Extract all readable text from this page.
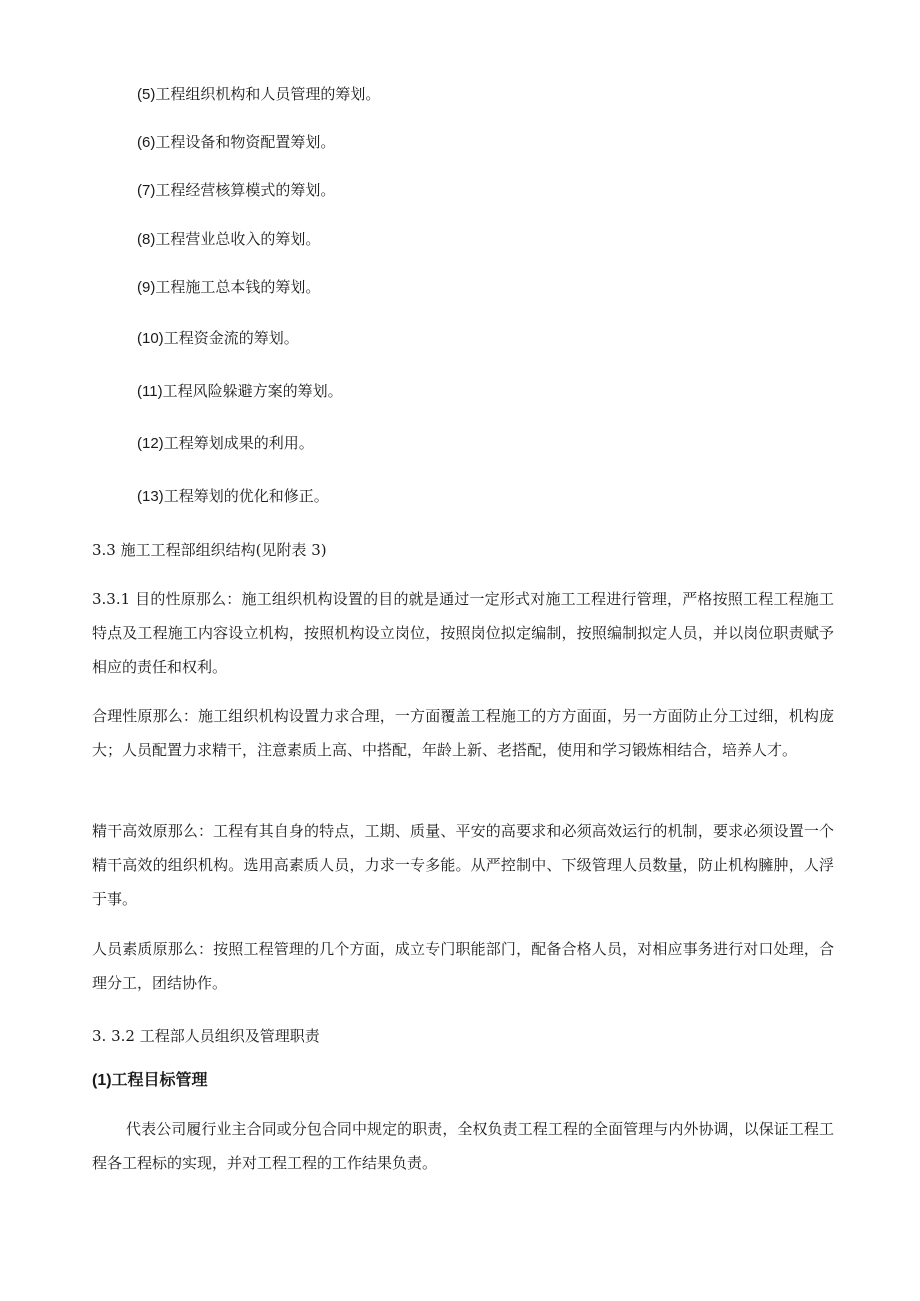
(5)工程组织机构和人员管理的筹划。
(6)工程设备和物资配置筹划。
(7)工程经营核算模式的筹划。
(8)工程营业总收入的筹划。
(9)工程施工总本钱的筹划。
(10)工程资金流的筹划。
(11)工程风险躲避方案的筹划。
(12)工程筹划成果的利用。
(13)工程筹划的优化和修正。
3.3 施工工程部组织结构(见附表 3)
3.3.1 目的性原那么：施工组织机构设置的目的就是通过一定形式对施工工程进行管理，严格按照工程工程施工特点及工程施工内容设立机构，按照机构设立岗位，按照岗位拟定编制，按照编制拟定人员，并以岗位职责赋予相应的责任和权利。
合理性原那么：施工组织机构设置力求合理，一方面覆盖工程施工的方方面面，另一方面防止分工过细，机构庞大；人员配置力求精干，注意素质上高、中搭配，年龄上新、老搭配，使用和学习锻炼相结合，培养人才。
精干高效原那么：工程有其自身的特点，工期、质量、平安的高要求和必须高效运行的机制，要求必须设置一个精干高效的组织机构。选用高素质人员，力求一专多能。从严控制中、下级管理人员数量，防止机构臃肿，人浮于事。
人员素质原那么：按照工程管理的几个方面，成立专门职能部门，配备合格人员，对相应事务进行对口处理，合理分工，团结协作。
3. 3.2 工程部人员组织及管理职责
(1)工程目标管理
代表公司履行业主合同或分包合同中规定的职责，全权负责工程工程的全面管理与内外协调，以保证工程工程各工程标的实现，并对工程工程的工作结果负责。
